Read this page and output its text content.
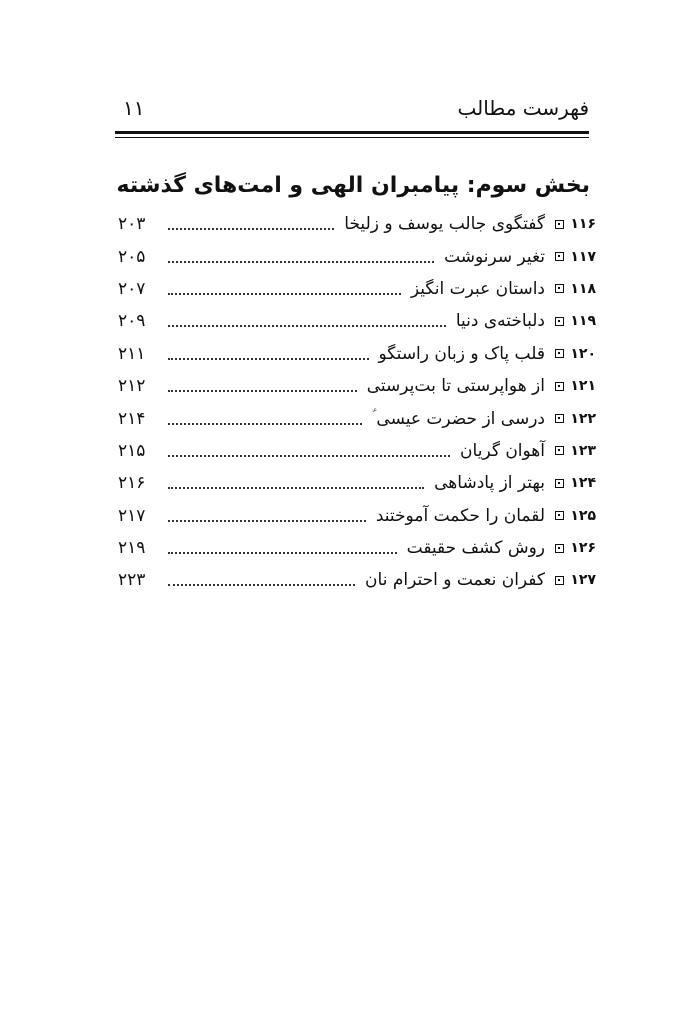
فهرست مطالب
۱۱
بخش سوم: پیامبران الهی و امت‌های گذشته
۱۱۶
گفتگوی جالب یوسف و زلیخا
۲۰۳
۱۱۷
تغیر سرنوشت
۲۰۵
۱۱۸
داستان عبرت انگیز
۲۰۷
۱۱۹
دلباخته‌ی دنیا
۲۰۹
۱۲۰
قلب پاک و زبان راستگو
۲۱۱
۱۲۱
از هواپرستی تا بت‌پرستی
۲۱۲
۱۲۲
درسی از حضرت عیسی ؑ
۲۱۴
۱۲۳
آهوان گریان
۲۱۵
۱۲۴
بهتر از پادشاهی
۲۱۶
۱۲۵
لقمان را حکمت آموختند
۲۱۷
۱۲۶
روش کشف حقیقت
۲۱۹
۱۲۷
کفران نعمت و احترام نان
۲۲۳
